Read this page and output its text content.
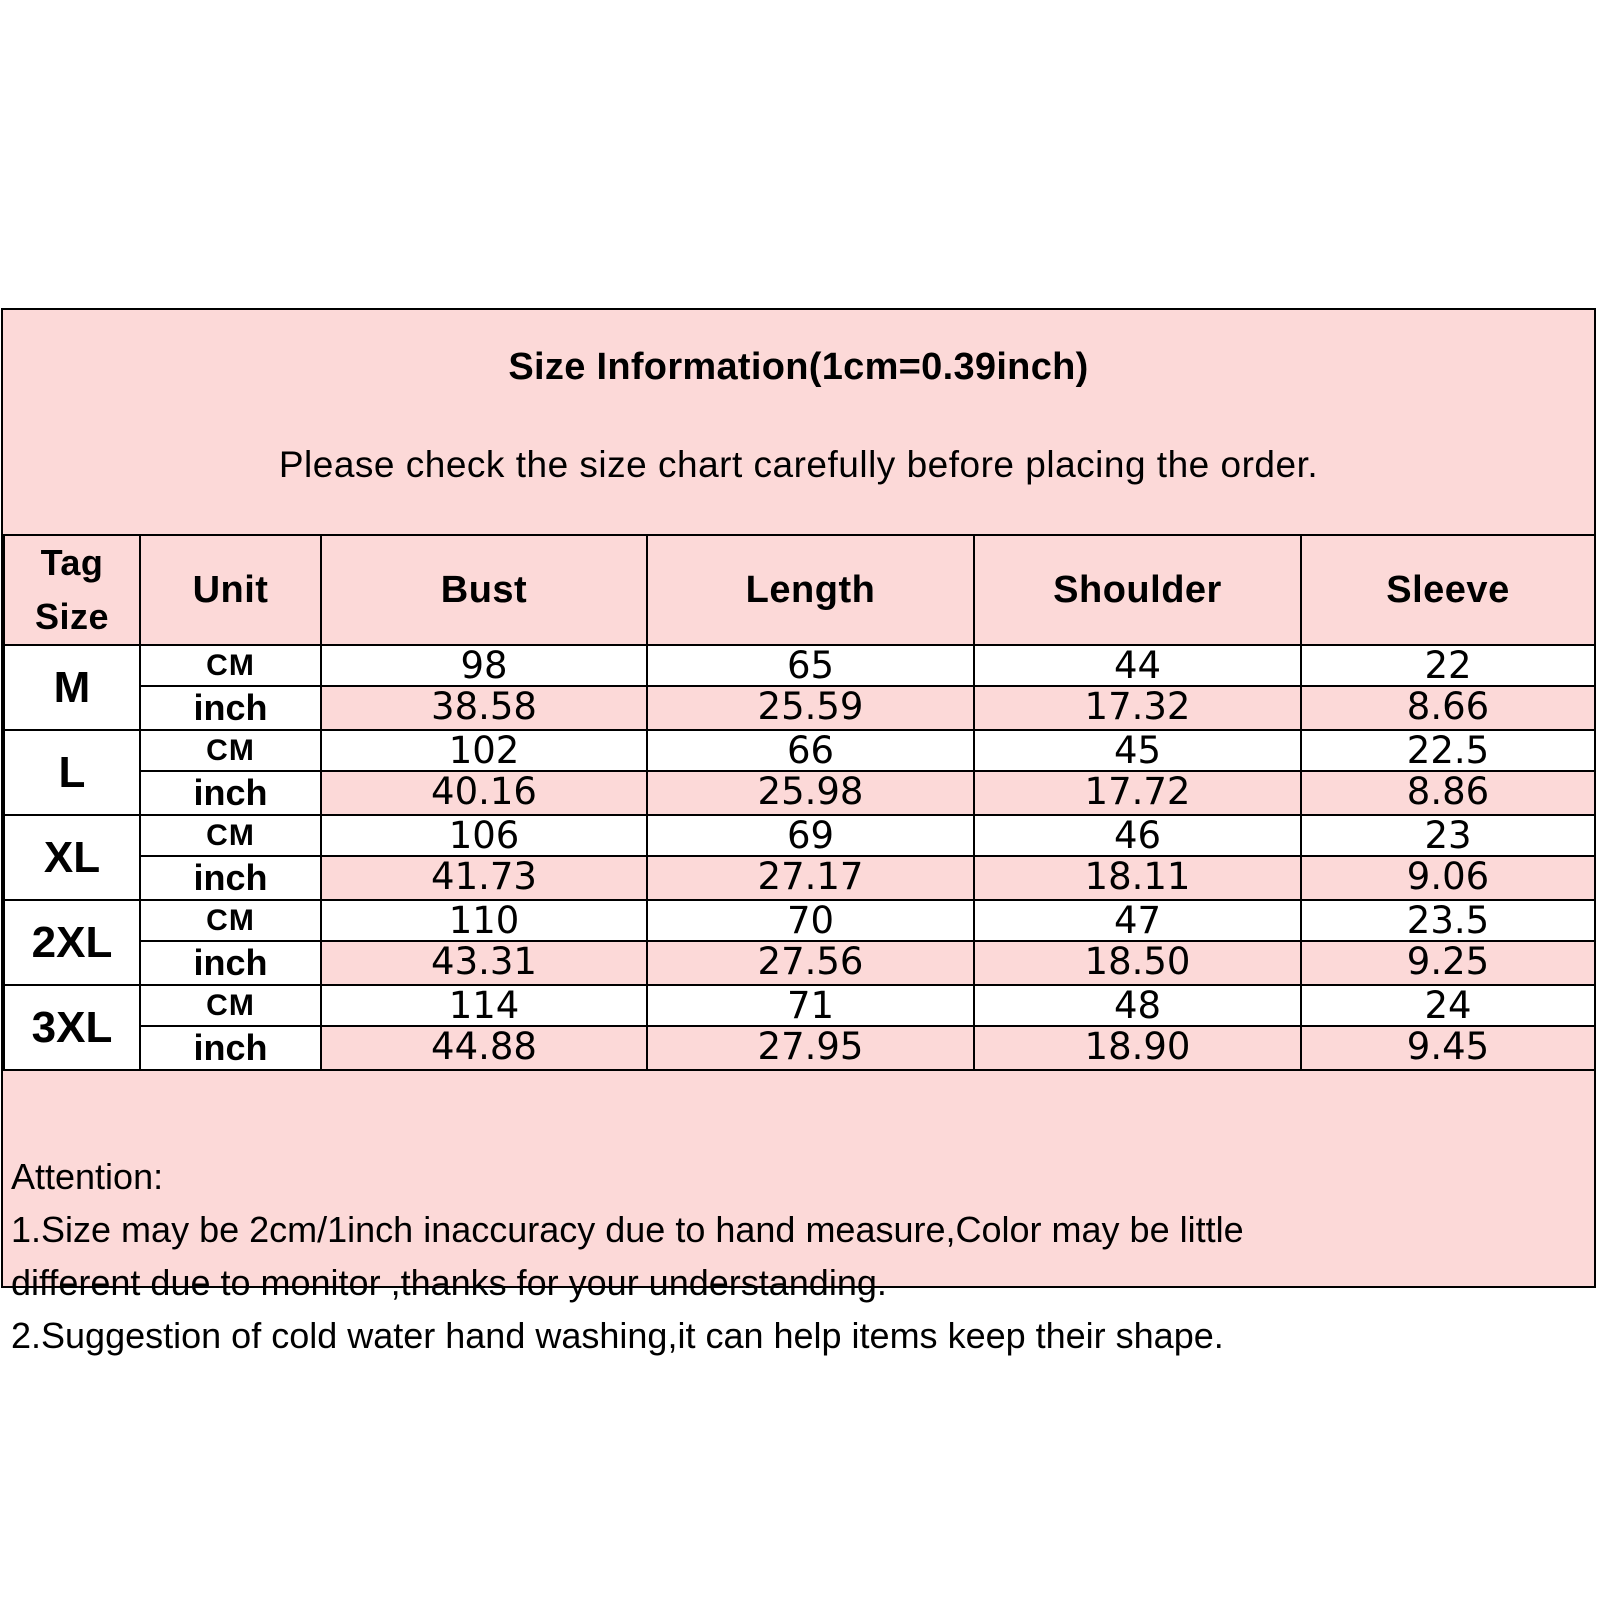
Size Information(1cm=0.39inch)
Please check the size chart carefully before placing the order.
Tag
Size	Unit	Bust	Length	Shoulder	Sleeve
M	CM	98	65	44	22
	inch	38.58	25.59	17.32	8.66
L	CM	102	66	45	22.5
	inch	40.16	25.98	17.72	8.86
XL	CM	106	69	46	23
	inch	41.73	27.17	18.11	9.06
2XL	CM	110	70	47	23.5
	inch	43.31	27.56	18.50	9.25
3XL	CM	114	71	48	24
	inch	44.88	27.95	18.90	9.45
Attention:
1.Size may be 2cm/1inch inaccuracy due to hand measure,Color may be little
different due to monitor ,thanks for your understanding.
2.Suggestion of cold water hand washing,it can help items keep their shape.
